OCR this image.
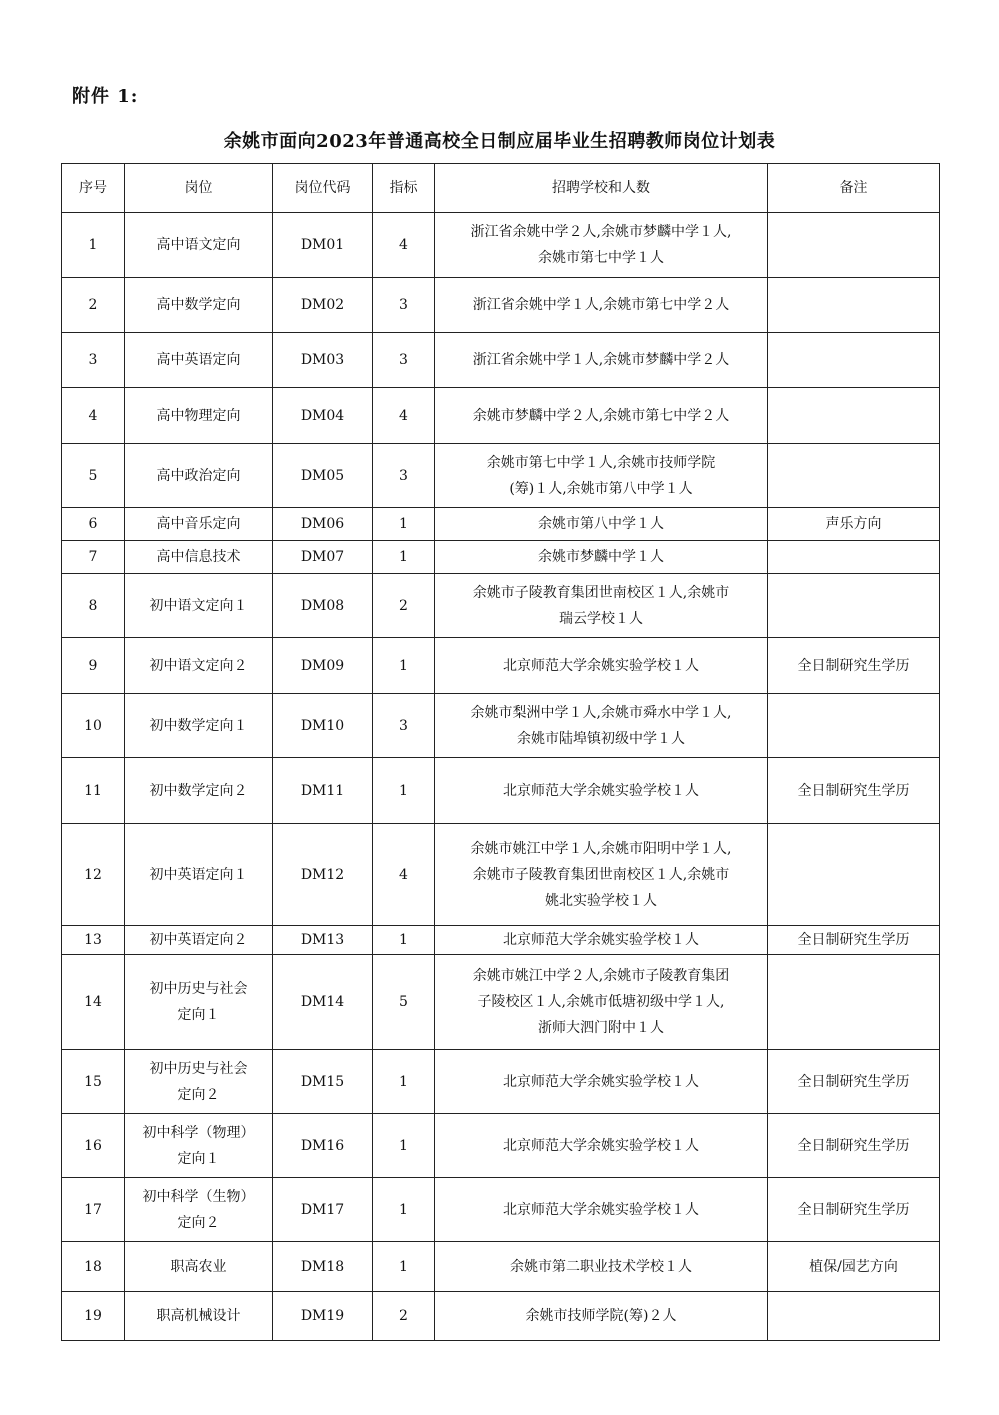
附件 1:
余姚市面向2023年普通高校全日制应届毕业生招聘教师岗位计划表
序号	岗位	岗位代码	指标	招聘学校和人数	备注
1	高中语文定向	DM01	4	浙江省余姚中学２人,余姚市梦麟中学１人,
余姚市第七中学１人	
2	高中数学定向	DM02	3	浙江省余姚中学１人,余姚市第七中学２人	
3	高中英语定向	DM03	3	浙江省余姚中学１人,余姚市梦麟中学２人	
4	高中物理定向	DM04	4	余姚市梦麟中学２人,余姚市第七中学２人	
5	高中政治定向	DM05	3	余姚市第七中学１人,余姚市技师学院
(筹)１人,余姚市第八中学１人	
6	高中音乐定向	DM06	1	余姚市第八中学１人	声乐方向
7	高中信息技术	DM07	1	余姚市梦麟中学１人	
8	初中语文定向１	DM08	2	余姚市子陵教育集团世南校区１人,余姚市
瑞云学校１人	
9	初中语文定向２	DM09	1	北京师范大学余姚实验学校１人	全日制研究生学历
10	初中数学定向１	DM10	3	余姚市梨洲中学１人,余姚市舜水中学１人,
余姚市陆埠镇初级中学１人	
11	初中数学定向２	DM11	1	北京师范大学余姚实验学校１人	全日制研究生学历
12	初中英语定向１	DM12	4	余姚市姚江中学１人,余姚市阳明中学１人,
余姚市子陵教育集团世南校区１人,余姚市
姚北实验学校１人	
13	初中英语定向２	DM13	1	北京师范大学余姚实验学校１人	全日制研究生学历
14	初中历史与社会
定向１	DM14	5	余姚市姚江中学２人,余姚市子陵教育集团
子陵校区１人,余姚市低塘初级中学１人,
浙师大泗门附中１人	
15	初中历史与社会
定向２	DM15	1	北京师范大学余姚实验学校１人	全日制研究生学历
16	初中科学（物理）
定向１	DM16	1	北京师范大学余姚实验学校１人	全日制研究生学历
17	初中科学（生物）
定向２	DM17	1	北京师范大学余姚实验学校１人	全日制研究生学历
18	职高农业	DM18	1	余姚市第二职业技术学校１人	植保/园艺方向
19	职高机械设计	DM19	2	余姚市技师学院(筹)２人	
